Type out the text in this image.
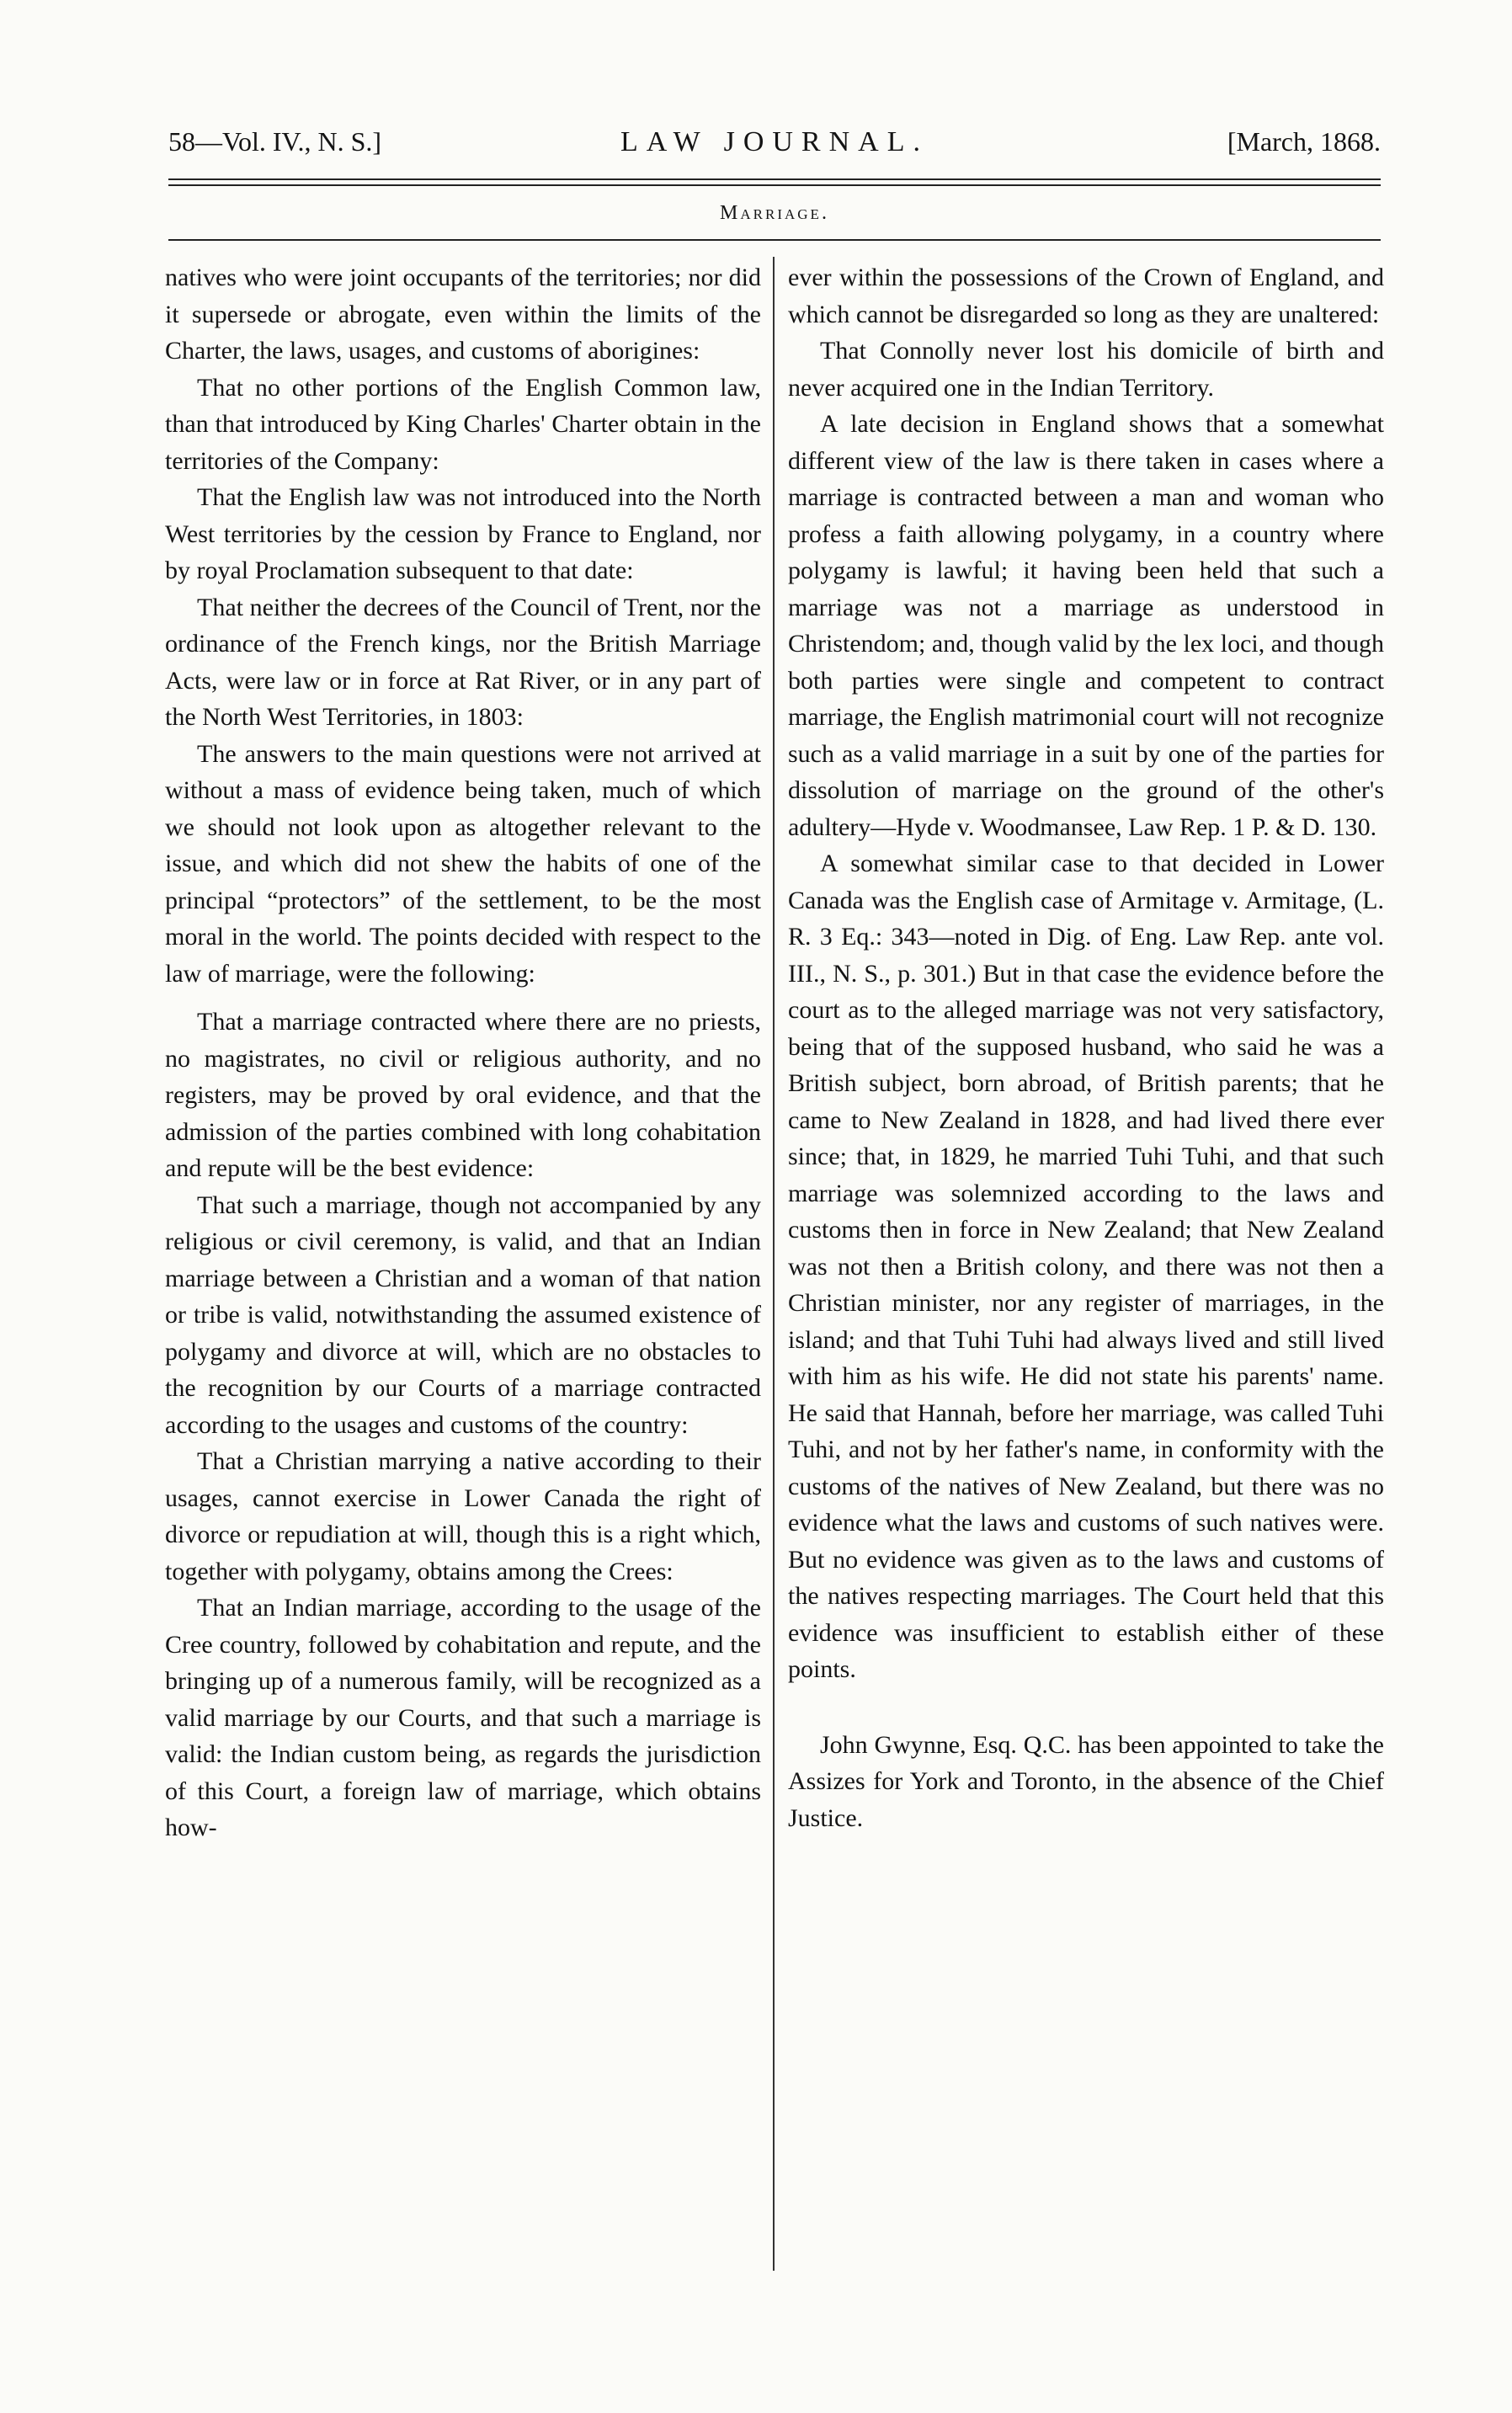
58—Vol. IV., N. S.]	LAW JOURNAL.	[March, 1868.
Marriage.

natives who were joint occupants of the territories; nor did it supersede or abrogate, even within the limits of the Charter, the laws, usages, and customs of aborigines:

That no other portions of the English Common law, than that introduced by King Charles' Charter obtain in the territories of the Company:

That the English law was not introduced into the North West territories by the cession by France to England, nor by royal Proclamation subsequent to that date:

That neither the decrees of the Council of Trent, nor the ordinance of the French kings, nor the British Marriage Acts, were law or in force at Rat River, or in any part of the North West Territories, in 1803:

The answers to the main questions were not arrived at without a mass of evidence being taken, much of which we should not look upon as altogether relevant to the issue, and which did not shew the habits of one of the principal “protectors” of the settlement, to be the most moral in the world. The points decided with respect to the law of marriage, were the following:

That a marriage contracted where there are no priests, no magistrates, no civil or religious authority, and no registers, may be proved by oral evidence, and that the admission of the parties combined with long cohabitation and repute will be the best evidence:

That such a marriage, though not accompanied by any religious or civil ceremony, is valid, and that an Indian marriage between a Christian and a woman of that nation or tribe is valid, notwithstanding the assumed existence of polygamy and divorce at will, which are no obstacles to the recognition by our Courts of a marriage contracted according to the usages and customs of the country:

That a Christian marrying a native according to their usages, cannot exercise in Lower Canada the right of divorce or repudiation at will, though this is a right which, together with polygamy, obtains among the Crees:

That an Indian marriage, according to the usage of the Cree country, followed by cohabitation and repute, and the bringing up of a numerous family, will be recognized as a valid marriage by our Courts, and that such a marriage is valid: the Indian custom being, as regards the jurisdiction of this Court, a foreign law of marriage, which obtains how-

ever within the possessions of the Crown of England, and which cannot be disregarded so long as they are unaltered:

That Connolly never lost his domicile of birth and never acquired one in the Indian Territory.

A late decision in England shows that a somewhat different view of the law is there taken in cases where a marriage is contracted between a man and woman who profess a faith allowing polygamy, in a country where polygamy is lawful; it having been held that such a marriage was not a marriage as understood in Christendom; and, though valid by the lex loci, and though both parties were single and competent to contract marriage, the English matrimonial court will not recognize such as a valid marriage in a suit by one of the parties for dissolution of marriage on the ground of the other's adultery—Hyde v. Woodmansee, Law Rep. 1 P. & D. 130.

A somewhat similar case to that decided in Lower Canada was the English case of Armitage v. Armitage, (L. R. 3 Eq.: 343—noted in Dig. of Eng. Law Rep. ante vol. III., N. S., p. 301.) But in that case the evidence before the court as to the alleged marriage was not very satisfactory, being that of the supposed husband, who said he was a British subject, born abroad, of British parents; that he came to New Zealand in 1828, and had lived there ever since; that, in 1829, he married Tuhi Tuhi, and that such marriage was solemnized according to the laws and customs then in force in New Zealand; that New Zealand was not then a British colony, and there was not then a Christian minister, nor any register of marriages, in the island; and that Tuhi Tuhi had always lived and still lived with him as his wife. He did not state his parents' name. He said that Hannah, before her marriage, was called Tuhi Tuhi, and not by her father's name, in conformity with the customs of the natives of New Zealand, but there was no evidence what the laws and customs of such natives were. But no evidence was given as to the laws and customs of the natives respecting marriages. The Court held that this evidence was insufficient to establish either of these points.

John Gwynne, Esq. Q.C. has been appointed to take the Assizes for York and Toronto, in the absence of the Chief Justice.
